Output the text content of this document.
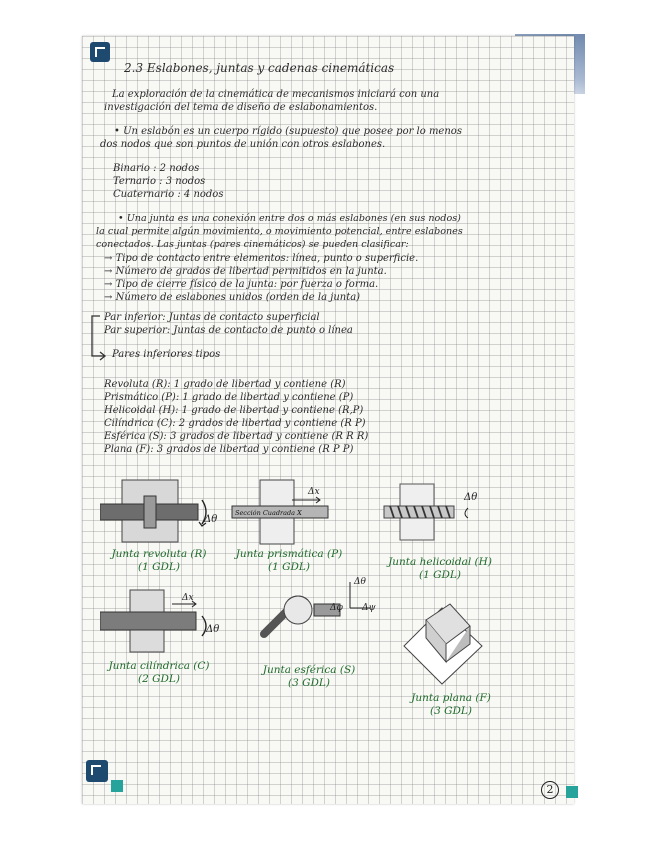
2
2.3 Eslabones, juntas y cadenas cinemáticas
La exploración de la cinemática de mecanismos iniciará con una
investigación del tema de diseño de eslabonamientos.
• Un eslabón es un cuerpo rígido (supuesto) que posee por lo menos
dos nodos que son puntos de unión con otros eslabones.
Binario : 2 nodos
Ternario : 3 nodos
Cuaternario : 4 nodos
• Una junta es una conexión entre dos o más eslabones (en sus nodos)
la cual permite algún movimiento, o movimiento potencial, entre eslabones
conectados. Las juntas (pares cinemáticos) se pueden clasificar:
→ Tipo de contacto entre elementos: línea, punto o superficie.
→ Número de grados de libertad permitidos en la junta.
→ Tipo de cierre físico de la junta: por fuerza o forma.
→ Número de eslabones unidos (orden de la junta)
Par inferior: Juntas de contacto superficial
Par superior: Juntas de contacto de punto o línea
Pares inferiores tipos
Revoluta (R): 1 grado de libertad y contiene (R)
Prismático (P): 1 grado de libertad y contiene (P)
Helicoidal (H): 1 grado de libertad y contiene (R,P)
Cilíndrica (C): 2 grados de libertad y contiene (R P)
Esférica (S): 3 grados de libertad y contiene (R R R)
Plana (F): 3 grados de libertad y contiene (R P P)
Δθ
Junta revoluta (R)
(1 GDL)
Sección Cuadrada X
Δx
Junta prismática (P)
(1 GDL)
Δθ
Junta helicoidal (H)
(1 GDL)
Δx
Δθ
Junta cilíndrica (C)
(2 GDL)
Δθ
Δφ Δψ
Junta esférica (S)
(3 GDL)
Junta plana (F)
(3 GDL)
